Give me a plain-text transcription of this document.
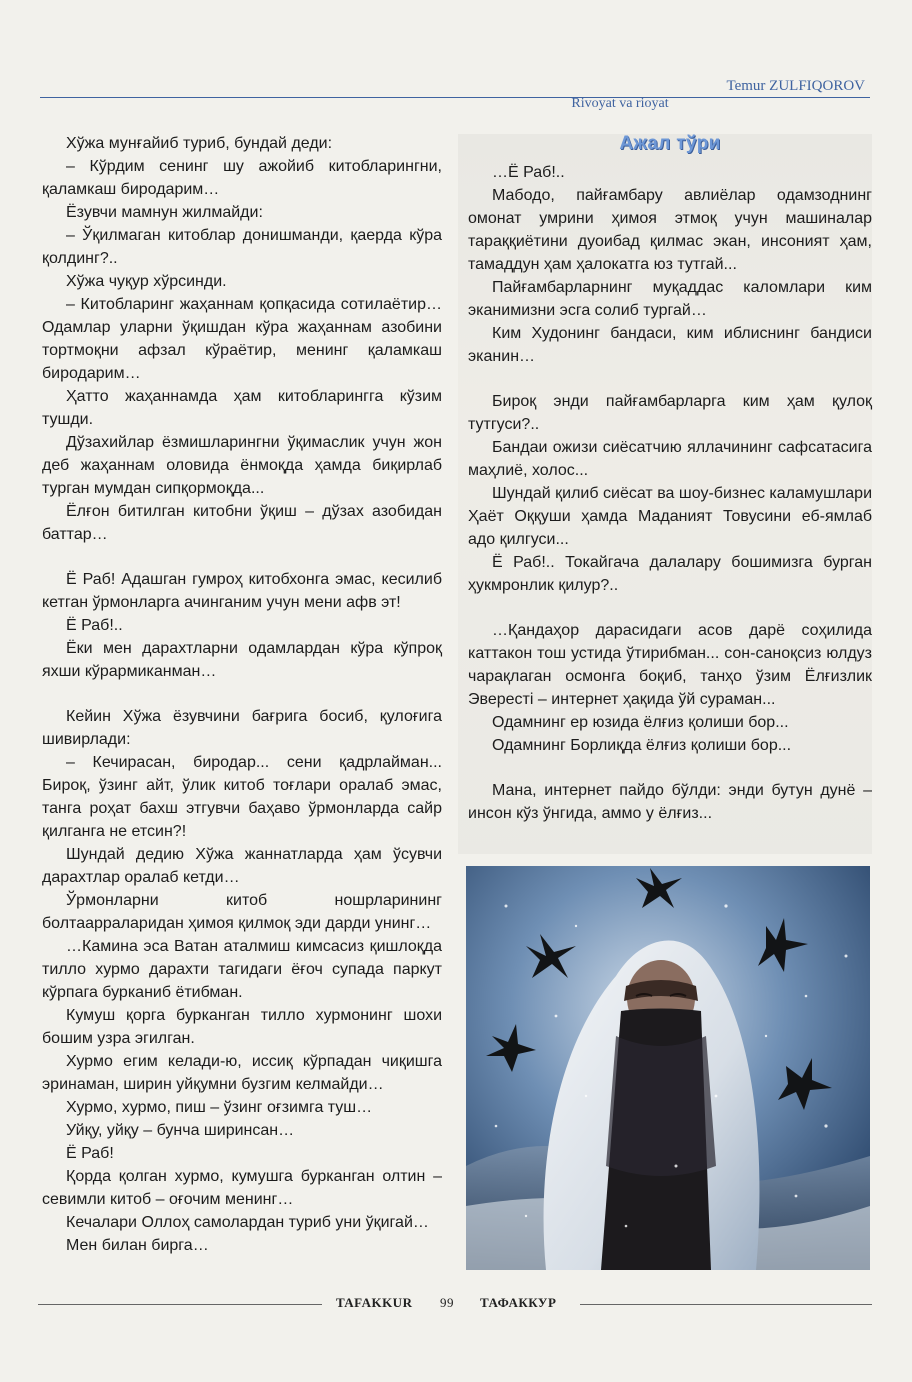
Temur ZULFIQOROV

Rivoyat va rioyat

Хўжа мунғайиб туриб, бундай деди:

– Кўрдим сенинг шу ажойиб китобларингни, қаламкаш биродарим…

Ёзувчи мамнун жилмайди:

– Ўқилмаган китоблар донишманди, қаерда кўра қолдинг?..

Хўжа чуқур хўрсинди.

– Китобларинг жаҳаннам қопқасида сотилаётир… Одамлар уларни ўқишдан кўра жаҳаннам азобини тортмоқни афзал кўраётир, менинг қаламкаш биродарим…

Ҳатто жаҳаннамда ҳам китобларингга кўзим тушди.

Дўзахийлар ёзмишларингни ўқимаслик учун жон деб жаҳаннам оловида ёнмоқда ҳамда биқирлаб турган мумдан сипқормоқда...

Ёлғон битилган китобни ўқиш – дўзах азобидан баттар…

Ё Раб! Адашган гумроҳ китобхонга эмас, кесилиб кетган ўрмонларга ачинганим учун мени афв эт!

Ё Раб!..

Ёки мен дарахтларни одамлардан кўра кўпроқ яхши кўрармиканман…

Кейин Хўжа ёзувчини бағрига босиб, қулоғига шивирлади:

– Кечирасан, биродар... сени қадрлайман... Бироқ, ўзинг айт, ўлик китоб тоғлари оралаб эмас, танга роҳат бахш этгувчи баҳаво ўрмонларда сайр қилганга не етсин?!

Шундай дедию Хўжа жаннатларда ҳам ўсувчи дарахтлар оралаб кетди…

Ўрмонларни китоб ношрларининг болтаарраларидан ҳимоя қилмоқ эди дарди унинг…

…Камина эса Ватан аталмиш кимсасиз қишлоқда тилло хурмо дарахти тагидаги ёғоч супада паркут кўрпага бурканиб ётибман.

Кумуш қорга бурканган тилло хурмонинг шохи бошим узра эгилган.

Хурмо егим келади-ю, иссиқ кўрпадан чиқишга эринаман, ширин уйқумни бузгим келмайди…

Хурмо, хурмо, пиш – ўзинг оғзимга туш…

Уйқу, уйқу – бунча ширинсан…

Ё Раб!

Қорда қолган хурмо, кумушга бурканган олтин – севимли китоб – оғочим менинг…

Кечалари Оллоҳ самолардан туриб уни ўқигай…

Мен билан бирга…

Ажал тўри

…Ё Раб!..

Мабодо, пайғамбару авлиёлар одамзоднинг омонат умрини ҳимоя этмоқ учун машиналар тараққиётини дуоибад қилмас экан, инсоният ҳам, тамаддун ҳам ҳалокатга юз тутгай...

Пайғамбарларнинг муқаддас каломлари ким эканимизни эсга солиб тургай…

Ким Худонинг бандаси, ким иблиснинг бандиси эканин…

Бироқ энди пайғамбарларга ким ҳам қулоқ тутгуси?..

Бандаи ожизи сиёсатчию яллачининг сафсатасига маҳлиё, холос...

Шундай қилиб сиёсат ва шоу-бизнес каламушлари Ҳаёт Оққуши ҳамда Маданият Товусини еб-ямлаб адо қилгуси...

Ё Раб!.. Токайгача далалару бошимизга бурган ҳукмронлик қилур?..

…Қандаҳор дарасидаги асов дарё соҳилида каттакон тош устида ўтирибман... сон-саноқсиз юлдуз чарақлаган осмонга боқиб, танҳо ўзим Ёлғизлик Эвересті – интернет ҳақида ўй сураман...

Одамнинг ер юзида ёлғиз қолиши бор...

Одамнинг Борлиқда ёлғиз қолиши бор...

Мана, интернет пайдо бўлди: энди бутун дунё – инсон кўз ўнгида, аммо у ёлғиз...

TAFAKKUR 99 ТАФАККУР
